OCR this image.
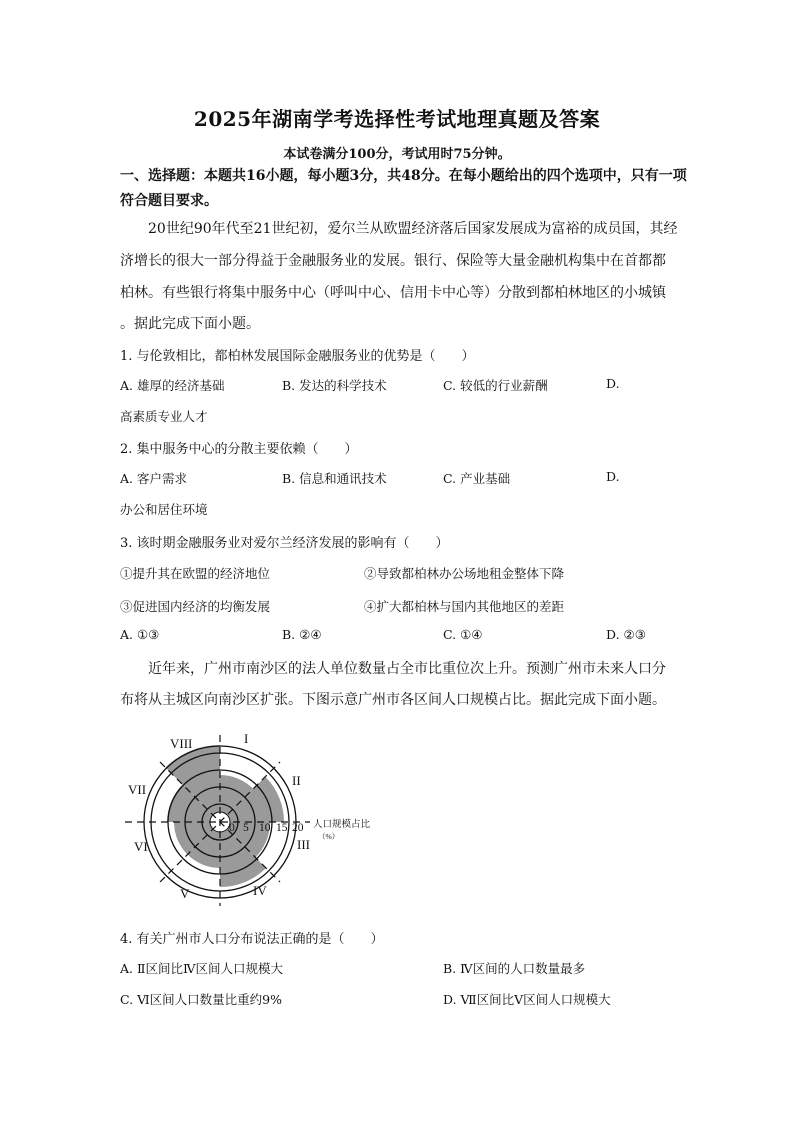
2025年湖南学考选择性考试地理真题及答案
本试卷满分100分，考试用时75分钟。
一、选择题：本题共16小题，每小题3分，共48分。在每小题给出的四个选项中，只有一项
符合题目要求。
20世纪90年代至21世纪初，爱尔兰从欧盟经济落后国家发展成为富裕的成员国，其经
济增长的很大一部分得益于金融服务业的发展。银行、保险等大量金融机构集中在首都都
柏林。有些银行将集中服务中心（呼叫中心、信用卡中心等）分散到都柏林地区的小城镇
。据此完成下面小题。
1. 与伦敦相比，都柏林发展国际金融服务业的优势是（　　）
A. 雄厚的经济基础	B. 发达的科学技术	C. 较低的行业薪酬	D.
高素质专业人才
2. 集中服务中心的分散主要依赖（　　）
A. 客户需求	B. 信息和通讯技术	C. 产业基础	D.
办公和居住环境
3. 该时期金融服务业对爱尔兰经济发展的影响有（　　）
①提升其在欧盟的经济地位	②导致都柏林办公场地租金整体下降
③促进国内经济的均衡发展	④扩大都柏林与国内其他地区的差距
A. ①③	B. ②④	C. ①④	D. ②③
近年来，广州市南沙区的法人单位数量占全市比重位次上升。预测广州市未来人口分
布将从主城区向南沙区扩张。下图示意广州市各区间人口规模占比。据此完成下面小题。
I
II
III
IV
V
VI
VII
VIII
0 5 10 15 20 人口规模占比
（%）
4. 有关广州市人口分布说法正确的是（　　）
A. Ⅱ区间比Ⅳ区间人口规模大	B. Ⅳ区间的人口数量最多
C. Ⅵ区间人口数量比重约9%	D. Ⅶ区间比Ⅴ区间人口规模大
